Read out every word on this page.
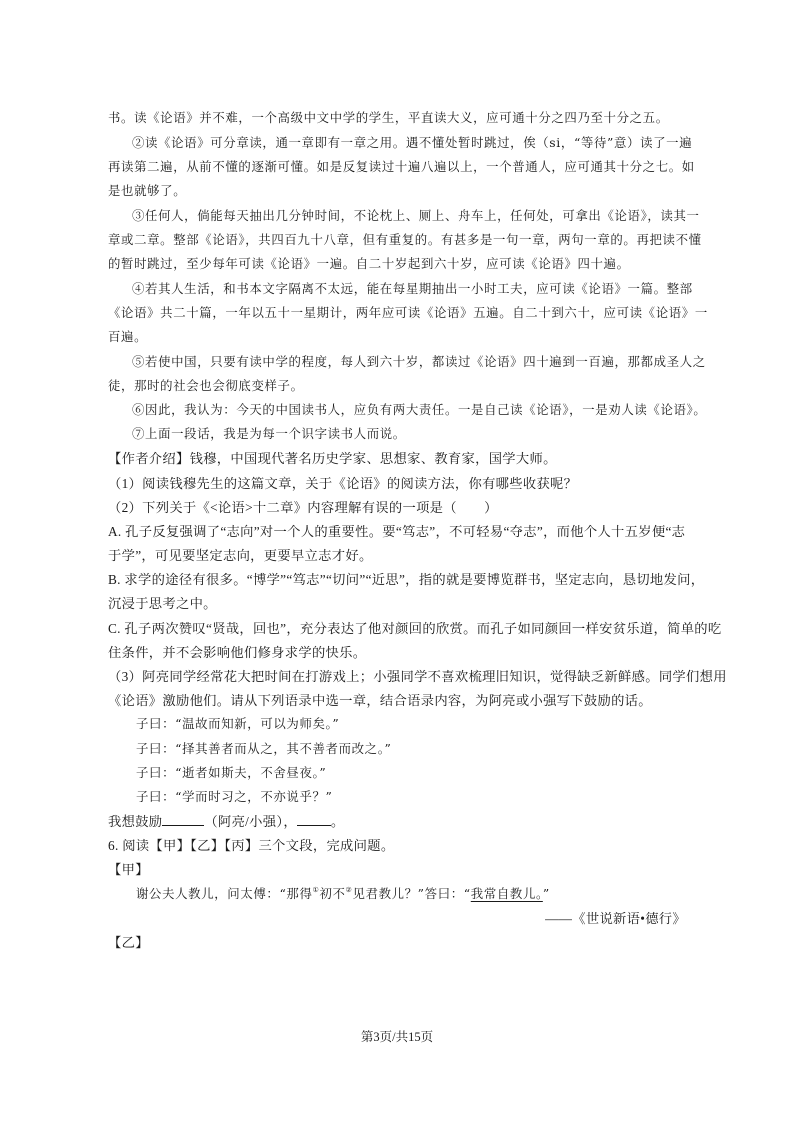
书。读《论语》并不难，一个高级中文中学的学生，平直读大义，应可通十分之四乃至十分之五。

②读《论语》可分章读，通一章即有一章之用。遇不懂处暂时跳过，俟（si，“等待”意）读了一遍

再读第二遍，从前不懂的逐渐可懂。如是反复读过十遍八遍以上，一个普通人，应可通其十分之七。如

是也就够了。

③任何人，倘能每天抽出几分钟时间，不论枕上、厕上、舟车上，任何处，可拿出《论语》，读其一

章或二章。整部《论语》，共四百九十八章，但有重复的。有甚多是一句一章，两句一章的。再把读不懂

的暂时跳过，至少每年可读《论语》一遍。自二十岁起到六十岁，应可读《论语》四十遍。

④若其人生活，和书本文字隔离不太远，能在每星期抽出一小时工夫，应可读《论语》一篇。整部

《论语》共二十篇，一年以五十一星期计，两年应可读《论语》五遍。自二十到六十，应可读《论语》一

百遍。

⑤若使中国，只要有读中学的程度，每人到六十岁，都读过《论语》四十遍到一百遍，那都成圣人之

徒，那时的社会也会彻底变样子。

⑥因此，我认为：今天的中国读书人，应负有两大责任。一是自己读《论语》，一是劝人读《论语》。

⑦上面一段话，我是为每一个识字读书人而说。

【作者介绍】钱穆，中国现代著名历史学家、思想家、教育家，国学大师。

（1）阅读钱穆先生的这篇文章，关于《论语》的阅读方法，你有哪些收获呢？

（2）下列关于《<论语>十二章》内容理解有误的一项是（　　）

A. 孔子反复强调了“志向”对一个人的重要性。要“笃志”，不可轻易“夺志”，而他个人十五岁便“志

于学”，可见要坚定志向，更要早立志才好。

B. 求学的途径有很多。“博学”“笃志”“切问”“近思”，指的就是要博览群书，坚定志向，恳切地发问，

沉浸于思考之中。

C. 孔子两次赞叹“贤哉，回也”，充分表达了他对颜回的欣赏。而孔子如同颜回一样安贫乐道，简单的吃

住条件，并不会影响他们修身求学的快乐。

（3）阿亮同学经常花大把时间在打游戏上；小强同学不喜欢梳理旧知识，觉得缺乏新鲜感。同学们想用

《论语》激励他们。请从下列语录中选一章，结合语录内容，为阿亮或小强写下鼓励的话。

子曰：“温故而知新，可以为师矣。”

子曰：“择其善者而从之，其不善者而改之。”

子曰：“逝者如斯夫，不舍昼夜。”

子曰：“学而时习之，不亦说乎？”

我想鼓励	（阿亮/小强），	。

6. 阅读【甲】【乙】【丙】三个文段，完成问题。

【甲】

谢公夫人教儿，问太傅：“那得①初不②见君教儿？”答曰：“我常自教儿。”

——《世说新语•德行》

【乙】

第3页/共15页
